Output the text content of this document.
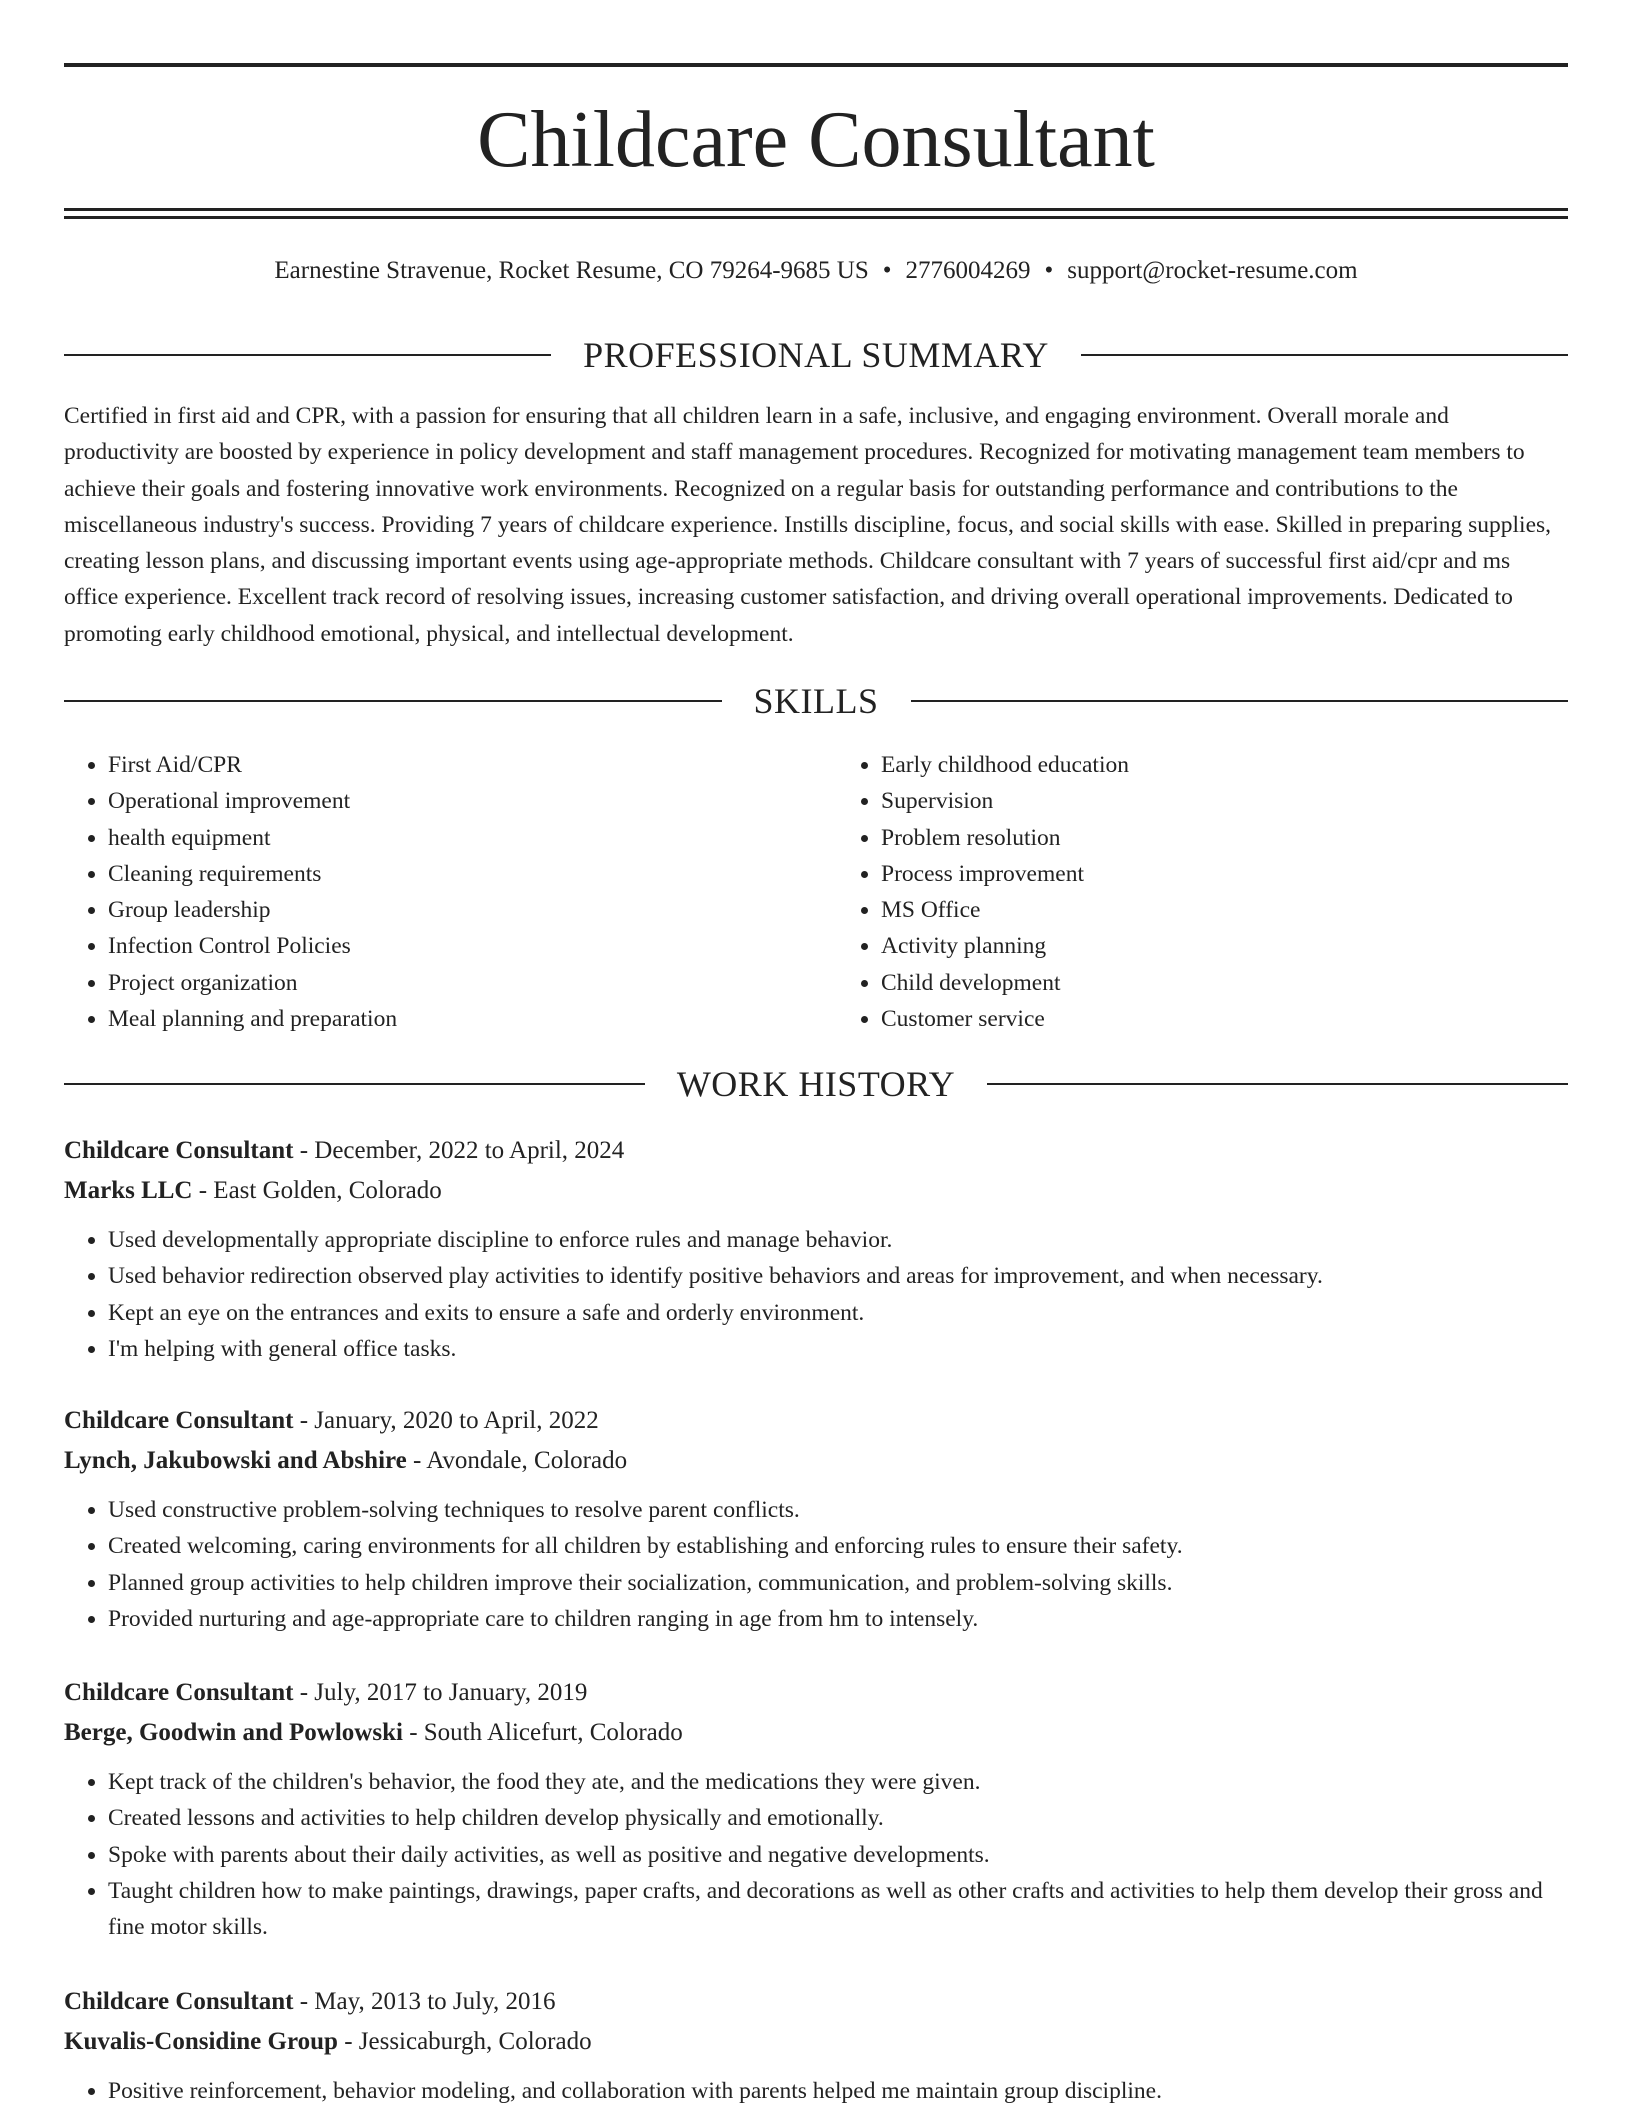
Childcare Consultant
Earnestine Stravenue, Rocket Resume, CO 79264-9685 US • 2776004269 • support@rocket-resume.com
PROFESSIONAL SUMMARY

Certified in first aid and CPR, with a passion for ensuring that all children learn in a safe, inclusive, and engaging environment. Overall morale and productivity are boosted by experience in policy development and staff management procedures. Recognized for motivating management team members to achieve their goals and fostering innovative work environments. Recognized on a regular basis for outstanding performance and contributions to the miscellaneous industry's success. Providing 7 years of childcare experience. Instills discipline, focus, and social skills with ease. Skilled in preparing supplies, creating lesson plans, and discussing important events using age-appropriate methods. Childcare consultant with 7 years of successful first aid/cpr and ms office experience. Excellent track record of resolving issues, increasing customer satisfaction, and driving overall operational improvements. Dedicated to promoting early childhood emotional, physical, and intellectual development.

SKILLS
• First Aid/CPR
• Operational improvement
• health equipment
• Cleaning requirements
• Group leadership
• Infection Control Policies
• Project organization
• Meal planning and preparation
• Early childhood education
• Supervision
• Problem resolution
• Process improvement
• MS Office
• Activity planning
• Child development
• Customer service
WORK HISTORY
Childcare Consultant - December, 2022 to April, 2024
Marks LLC - East Golden, Colorado
• Used developmentally appropriate discipline to enforce rules and manage behavior.
• Used behavior redirection observed play activities to identify positive behaviors and areas for improvement, and when necessary.
• Kept an eye on the entrances and exits to ensure a safe and orderly environment.
• I'm helping with general office tasks.
Childcare Consultant - January, 2020 to April, 2022
Lynch, Jakubowski and Abshire - Avondale, Colorado
• Used constructive problem-solving techniques to resolve parent conflicts.
• Created welcoming, caring environments for all children by establishing and enforcing rules to ensure their safety.
• Planned group activities to help children improve their socialization, communication, and problem-solving skills.
• Provided nurturing and age-appropriate care to children ranging in age from hm to intensely.
Childcare Consultant - July, 2017 to January, 2019
Berge, Goodwin and Powlowski - South Alicefurt, Colorado
• Kept track of the children's behavior, the food they ate, and the medications they were given.
• Created lessons and activities to help children develop physically and emotionally.
• Spoke with parents about their daily activities, as well as positive and negative developments.
• Taught children how to make paintings, drawings, paper crafts, and decorations as well as other crafts and activities to help them develop their gross and fine motor skills.
Childcare Consultant - May, 2013 to July, 2016
Kuvalis-Considine Group - Jessicaburgh, Colorado
• Positive reinforcement, behavior modeling, and collaboration with parents helped me maintain group discipline.
